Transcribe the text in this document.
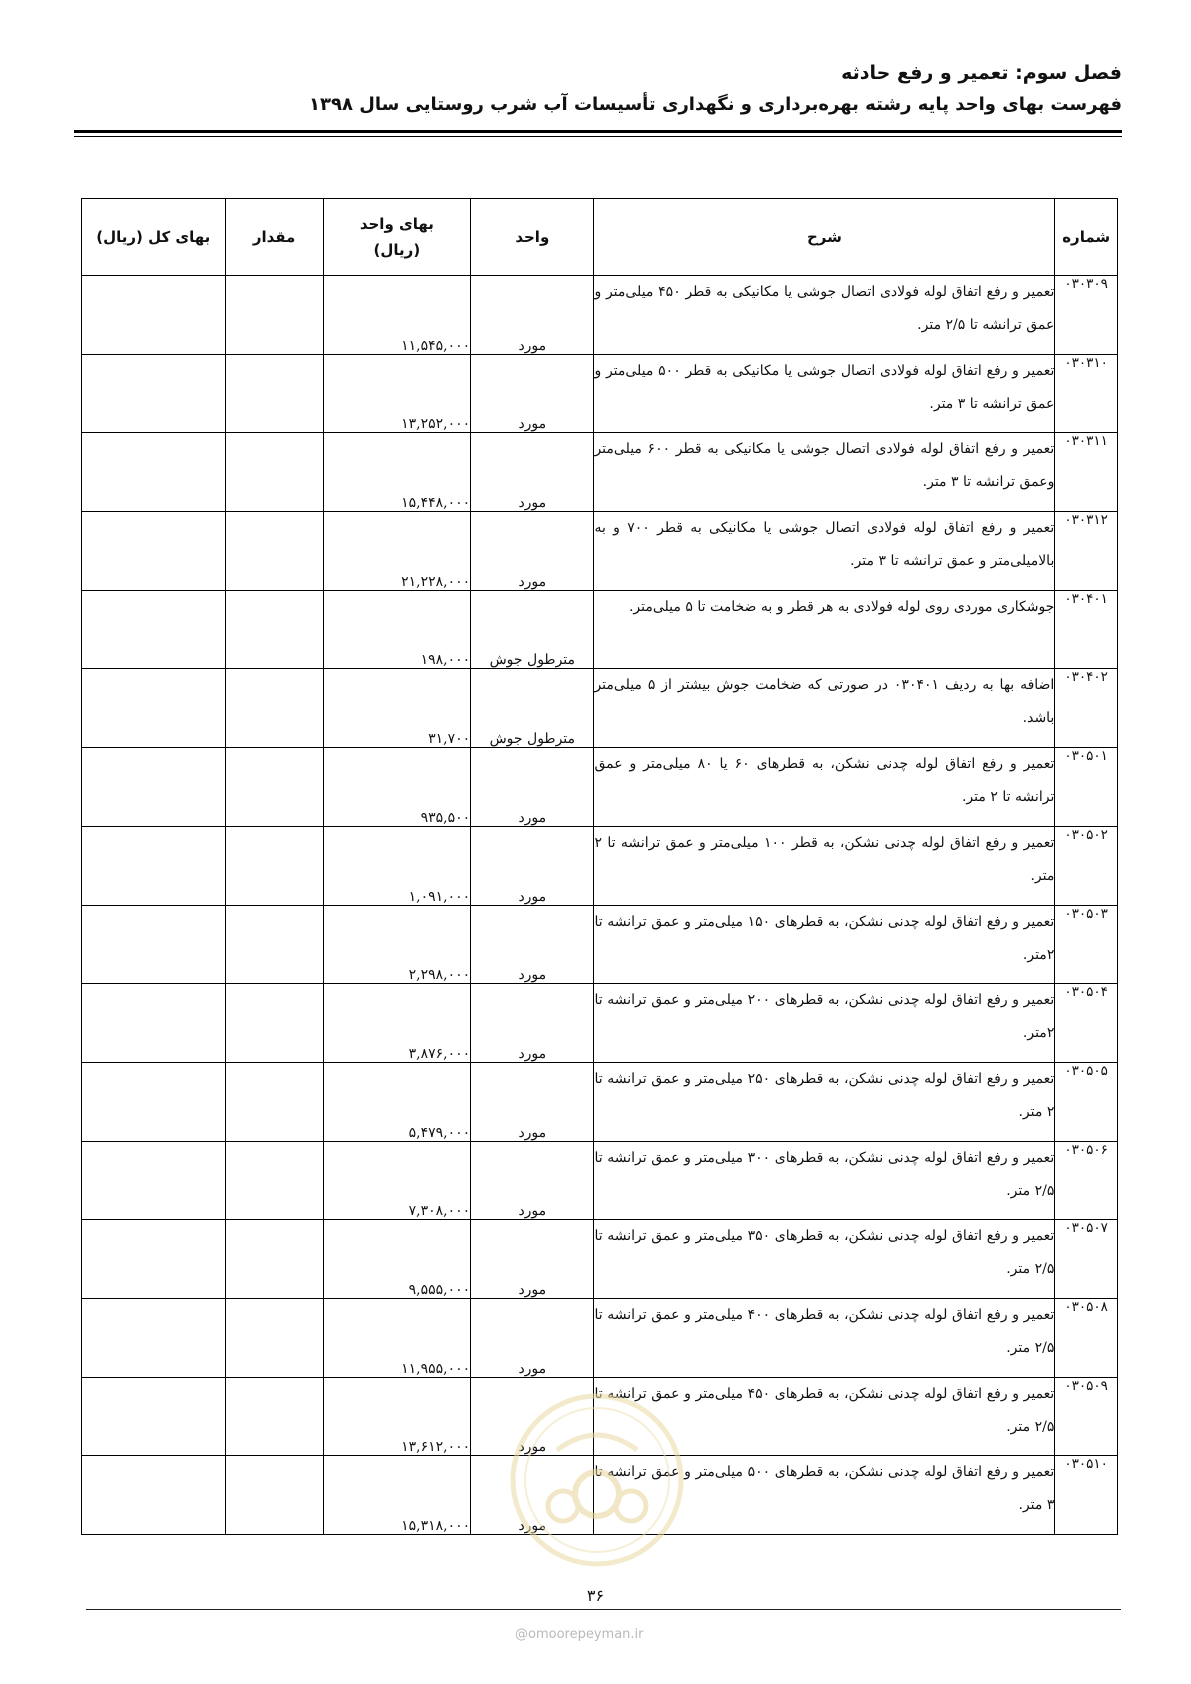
فصل سوم: تعمیر و رفع حادثه
فهرست بهای واحد پایه رشته بهره‌برداری و نگهداری تأسیسات آب شرب روستایی سال ۱۳۹۸
شماره	شرح	واحد	بهای واحد (ریال)	مقدار	بهای کل (ریال)
۰۳۰۳۰۹	تعمیر و رفع اتفاق لوله فولادی اتصال جوشی یا مکانیکی به قطر ۴۵۰ میلی‌متر و عمق ترانشه تا ۲/۵ متر.	مورد	۱۱,۵۴۵,۰۰۰		
۰۳۰۳۱۰	تعمیر و رفع اتفاق لوله فولادی اتصال جوشی یا مکانیکی به قطر ۵۰۰ میلی‌متر و عمق ترانشه تا ۳ متر.	مورد	۱۳,۲۵۲,۰۰۰		
۰۳۰۳۱۱	تعمیر و رفع اتفاق لوله فولادی اتصال جوشی یا مکانیکی به قطر ۶۰۰ میلی‌متر وعمق ترانشه تا ۳ متر.	مورد	۱۵,۴۴۸,۰۰۰		
۰۳۰۳۱۲	تعمیر و رفع اتفاق لوله فولادی اتصال جوشی یا مکانیکی به قطر ۷۰۰ و به بالامیلی‌متر و عمق ترانشه تا ۳ متر.	مورد	۲۱,۲۲۸,۰۰۰		
۰۳۰۴۰۱	جوشکاری موردی روی لوله فولادی به هر قطر و به ضخامت تا ۵ میلی‌متر.	مترطول جوش	۱۹۸,۰۰۰		
۰۳۰۴۰۲	اضافه بها به ردیف ۰۳۰۴۰۱ در صورتی که ضخامت جوش بیشتر از ۵ میلی‌متر باشد.	مترطول جوش	۳۱,۷۰۰		
۰۳۰۵۰۱	تعمیر و رفع اتفاق لوله چدنی نشکن، به قطرهای ۶۰ یا ۸۰ میلی‌متر و عمق ترانشه تا ۲ متر.	مورد	۹۳۵,۵۰۰		
۰۳۰۵۰۲	تعمیر و رفع اتفاق لوله چدنی نشکن، به قطر ۱۰۰ میلی‌متر و عمق ترانشه تا ۲ متر.	مورد	۱,۰۹۱,۰۰۰		
۰۳۰۵۰۳	تعمیر و رفع اتفاق لوله چدنی نشکن، به قطرهای ۱۵۰ میلی‌متر و عمق ترانشه تا ۲متر.	مورد	۲,۲۹۸,۰۰۰		
۰۳۰۵۰۴	تعمیر و رفع اتفاق لوله چدنی نشکن، به قطرهای ۲۰۰ میلی‌متر و عمق ترانشه تا ۲متر.	مورد	۳,۸۷۶,۰۰۰		
۰۳۰۵۰۵	تعمیر و رفع اتفاق لوله چدنی نشکن، به قطرهای ۲۵۰ میلی‌متر و عمق ترانشه تا ۲ متر.	مورد	۵,۴۷۹,۰۰۰		
۰۳۰۵۰۶	تعمیر و رفع اتفاق لوله چدنی نشکن، به قطرهای ۳۰۰ میلی‌متر و عمق ترانشه تا ۲/۵ متر.	مورد	۷,۳۰۸,۰۰۰		
۰۳۰۵۰۷	تعمیر و رفع اتفاق لوله چدنی نشکن، به قطرهای ۳۵۰ میلی‌متر و عمق ترانشه تا ۲/۵ متر.	مورد	۹,۵۵۵,۰۰۰		
۰۳۰۵۰۸	تعمیر و رفع اتفاق لوله چدنی نشکن، به قطرهای ۴۰۰ میلی‌متر و عمق ترانشه تا ۲/۵ متر.	مورد	۱۱,۹۵۵,۰۰۰		
۰۳۰۵۰۹	تعمیر و رفع اتفاق لوله چدنی نشکن، به قطرهای ۴۵۰ میلی‌متر و عمق ترانشه تا ۲/۵ متر.	مورد	۱۳,۶۱۲,۰۰۰		
۰۳۰۵۱۰	تعمیر و رفع اتفاق لوله چدنی نشکن، به قطرهای ۵۰۰ میلی‌متر و عمق ترانشه تا ۳ متر.	مورد	۱۵,۳۱۸,۰۰۰		
۳۶
@omoorepeyman.ir
